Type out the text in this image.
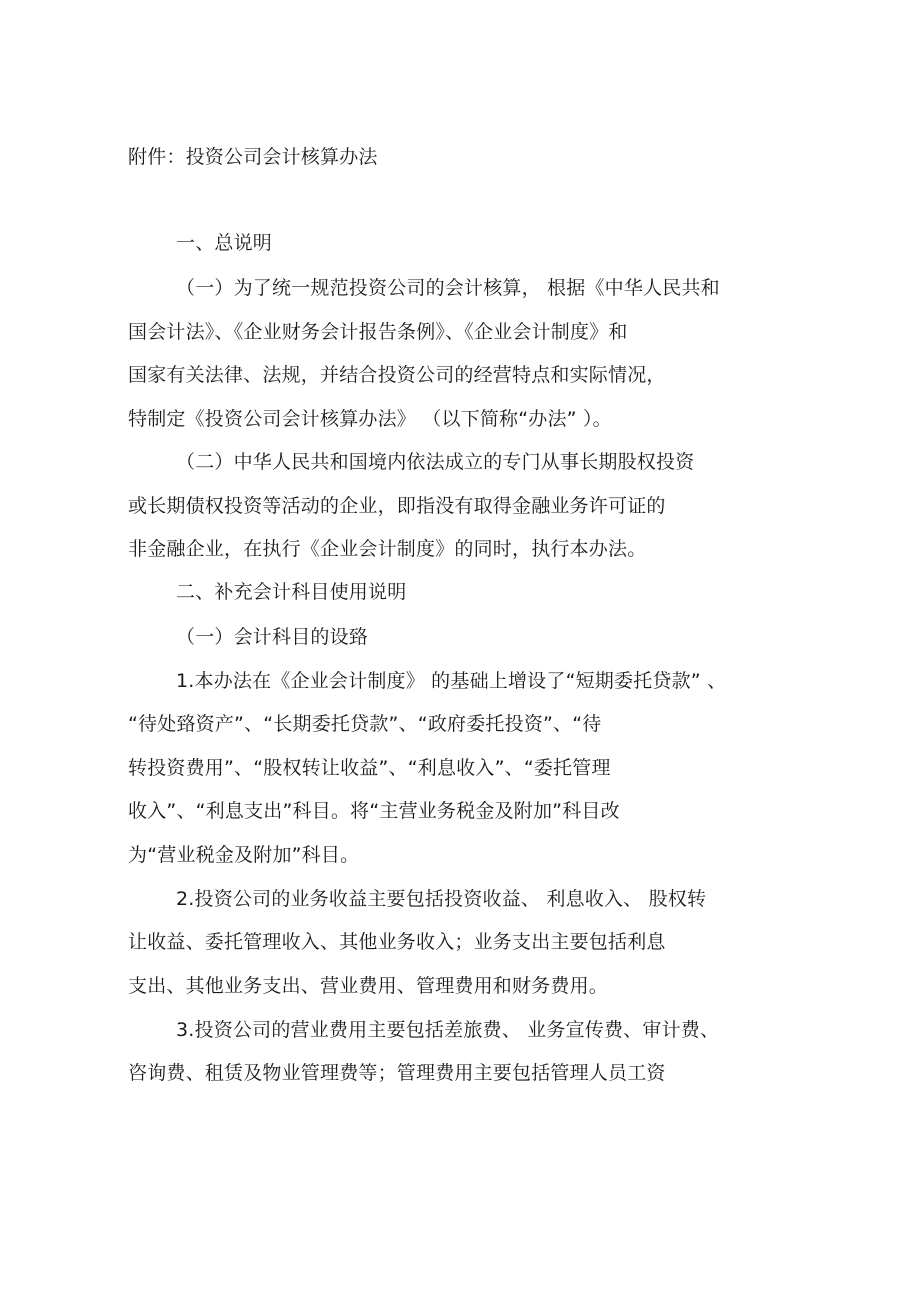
附件：投资公司会计核算办法
一、总说明
（一）为了统一规范投资公司的会计核算， 根据《中华人民共和
国会计法》、《企业财务会计报告条例》、《企业会计制度》和
国家有关法律、法规，并结合投资公司的经营特点和实际情况，
特制定《投资公司会计核算办法》 （以下简称“办法” ）。
（二）中华人民共和国境内依法成立的专门从事长期股权投资
或长期债权投资等活动的企业，即指没有取得金融业务许可证的
非金融企业，在执行《企业会计制度》的同时，执行本办法。
二、补充会计科目使用说明
（一）会计科目的设臵
1.本办法在《企业会计制度》 的基础上增设了“短期委托贷款” 、
“待处臵资产”、“长期委托贷款”、“政府委托投资”、“待
转投资费用”、“股权转让收益”、“利息收入”、“委托管理
收入”、“利息支出”科目。将“主营业务税金及附加”科目改
为“营业税金及附加”科目。
2.投资公司的业务收益主要包括投资收益、 利息收入、 股权转
让收益、委托管理收入、其他业务收入；业务支出主要包括利息
支出、其他业务支出、营业费用、管理费用和财务费用。
3.投资公司的营业费用主要包括差旅费、 业务宣传费、审计费、
咨询费、租赁及物业管理费等；管理费用主要包括管理人员工资
